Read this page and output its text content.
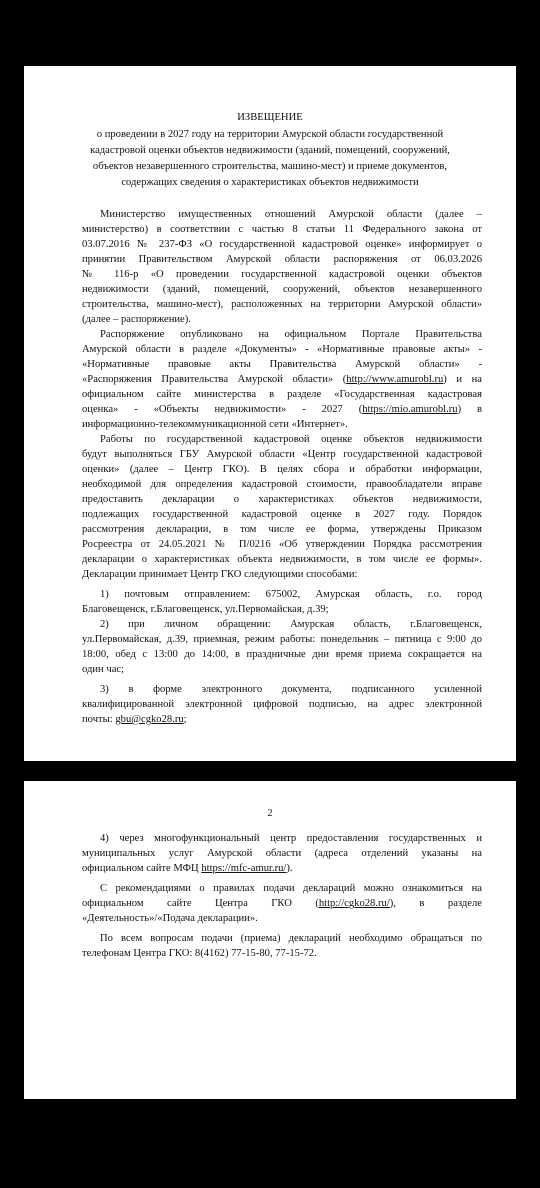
ИЗВЕЩЕНИЕ
о проведении в 2027 году на территории Амурской области государственной
кадастровой оценки объектов недвижимости (зданий, помещений, сооружений,
объектов незавершенного строительства, машино-мест) и приеме документов,
содержащих сведения о характеристиках объектов недвижимости
Министерство имущественных отношений Амурской области (далее –
министерство) в соответствии с частью 8 статьи 11 Федерального закона от
03.07.2016 № 237-ФЗ «О государственной кадастровой оценке» информирует о
принятии Правительством Амурской области распоряжения от 06.03.2026
№ 116-р «О проведении государственной кадастровой оценки объектов
недвижимости (зданий, помещений, сооружений, объектов незавершенного
строительства, машино-мест), расположенных на территории Амурской области»
(далее – распоряжение).
Распоряжение опубликовано на официальном Портале Правительства
Амурской области в разделе «Документы» - «Нормативные правовые акты» -
«Нормативные правовые акты Правительства Амурской области» -
«Распоряжения Правительства Амурской области» (http://www.amurobl.ru) и на
официальном сайте министерства в разделе «Государственная кадастровая
оценка» - «Объекты недвижимости» - 2027 (https://mio.amurobl.ru) в
информационно-телекоммуникационной сети «Интернет».
Работы по государственной кадастровой оценке объектов недвижимости
будут выполняться ГБУ Амурской области «Центр государственной кадастровой
оценки» (далее – Центр ГКО). В целях сбора и обработки информации,
необходимой для определения кадастровой стоимости, правообладатели вправе
предоставить декларации о характеристиках объектов недвижимости,
подлежащих государственной кадастровой оценке в 2027 году. Порядок
рассмотрения декларации, в том числе ее форма, утверждены Приказом
Росреестра от 24.05.2021 № П/0216 «Об утверждении Порядка рассмотрения
декларации о характеристиках объекта недвижимости, в том числе ее формы».
Декларации принимает Центр ГКО следующими способами:
1) почтовым отправлением: 675002, Амурская область, г.о. город
Благовещенск, г.Благовещенск, ул.Первомайская, д.39;
2) при личном обращении: Амурская область, г.Благовещенск,
ул.Первомайская, д.39, приемная, режим работы: понедельник – пятница с 9:00 до
18:00, обед с 13:00 до 14:00, в праздничные дни время приема сокращается на
один час;
3) в форме электронного документа, подписанного усиленной
квалифицированной электронной цифровой подписью, на адрес электронной
почты: gbu@cgko28.ru;
2
4) через многофункциональный центр предоставления государственных и
муниципальных услуг Амурской области (адреса отделений указаны на
официальном сайте МФЦ https://mfc-amur.ru/).
С рекомендациями о правилах подачи деклараций можно ознакомиться на
официальном сайте Центра ГКО (http://cgko28.ru/), в разделе
«Деятельность»/«Подача декларации».
По всем вопросам подачи (приема) деклараций необходимо обращаться по
телефонам Центра ГКО: 8(4162) 77-15-80, 77-15-72.
